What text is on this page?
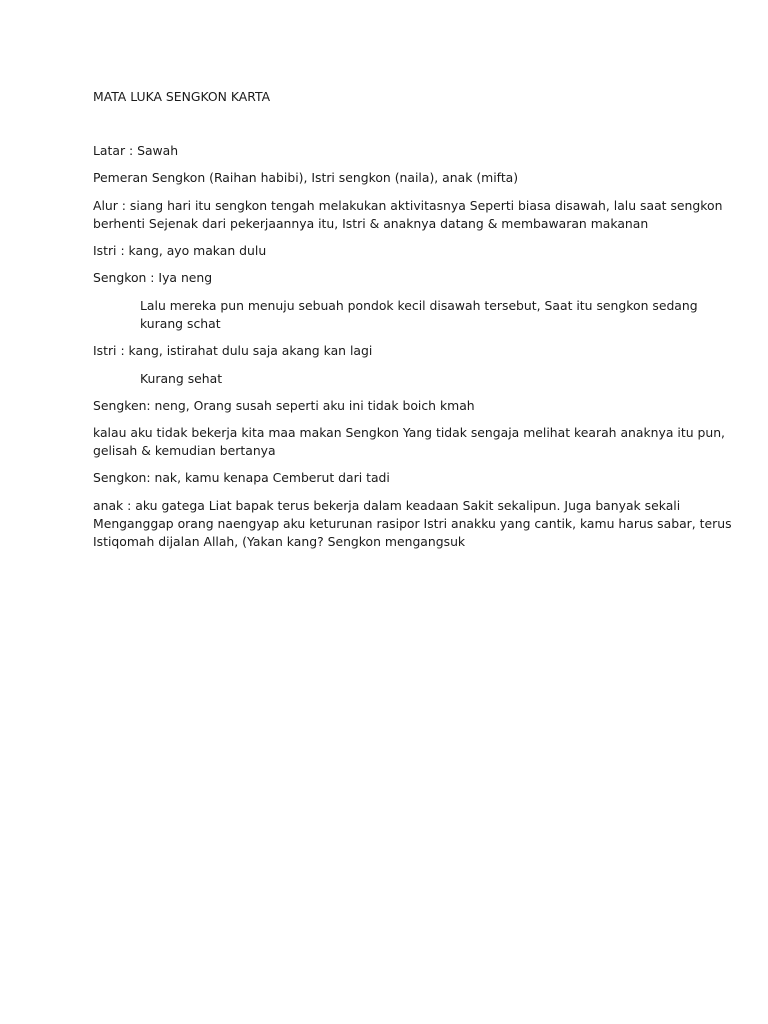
MATA LUKA SENGKON KARTA
Latar : Sawah
Pemeran Sengkon (Raihan habibi), Istri sengkon (naila), anak (mifta)
Alur : siang hari itu sengkon tengah melakukan aktivitasnya Seperti biasa disawah, lalu saat sengkon
berhenti Sejenak dari pekerjaannya itu, Istri & anaknya datang & membawaran makanan
Istri : kang, ayo makan dulu
Sengkon : Iya neng
Lalu mereka pun menuju sebuah pondok kecil disawah tersebut, Saat itu sengkon sedang
kurang schat
Istri : kang, istirahat dulu saja akang kan lagi
Kurang sehat
Sengken: neng, Orang susah seperti aku ini tidak boich kmah
kalau aku tidak bekerja kita maa makan Sengkon Yang tidak sengaja melihat kearah anaknya itu pun,
gelisah & kemudian bertanya
Sengkon: nak, kamu kenapa Cemberut dari tadi
anak : aku gatega Liat bapak terus bekerja dalam keadaan Sakit sekalipun. Juga banyak sekali
Menganggap orang naengyap aku keturunan rasipor Istri anakku yang cantik, kamu harus sabar, terus
Istiqomah dijalan Allah, (Yakan kang? Sengkon mengangsuk
